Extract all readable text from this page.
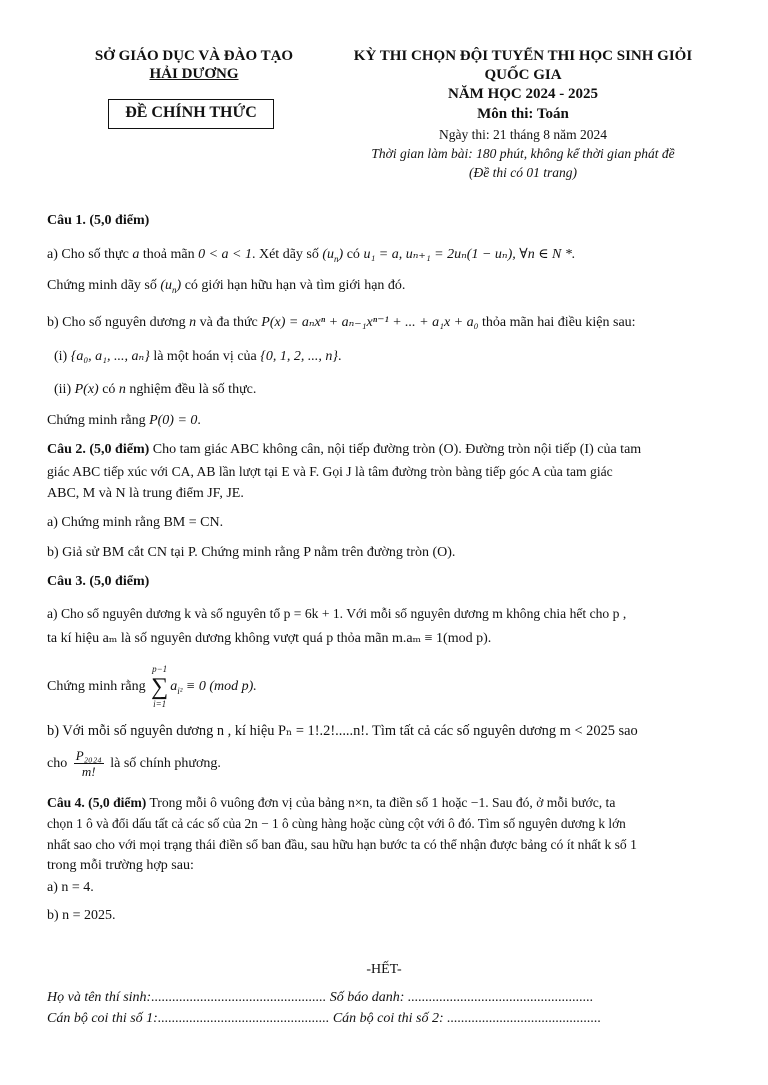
SỞ GIÁO DỤC VÀ ĐÀO TẠO
HẢI DƯƠNG
ĐỀ CHÍNH THỨC
KỲ THI CHỌN ĐỘI TUYỂN THI HỌC SINH GIỎI
QUỐC GIA
NĂM HỌC 2024 - 2025
Môn thi: Toán
Ngày thi: 21 tháng 8 năm 2024
Thời gian làm bài: 180 phút, không kể thời gian phát đề
(Đề thi có 01 trang)
Câu 1. (5,0 điểm)
a) Cho số thực a thoả mãn 0 < a < 1. Xét dãy số $(u_n)$ có u₁ = a, uₙ₊₁ = 2uₙ(1 − uₙ), ∀n ∈ N *.
Chứng minh dãy số $(u_n)$ có giới hạn hữu hạn và tìm giới hạn đó.
b) Cho số nguyên dương n và đa thức P(x) = aₙxⁿ + aₙ₋₁xⁿ⁻¹ + ... + a₁x + a₀ thỏa mãn hai điều kiện sau:
(i) {a₀, a₁, ..., aₙ} là một hoán vị của {0, 1, 2, ..., n}.
(ii) P(x) có n nghiệm đều là số thực.
Chứng minh rằng P(0) = 0.
Câu 2. (5,0 điểm) Cho tam giác ABC không cân, nội tiếp đường tròn (O). Đường tròn nội tiếp (I) của tam
giác ABC tiếp xúc với CA, AB lần lượt tại E và F. Gọi J là tâm đường tròn bàng tiếp góc A của tam giác
ABC, M và N là trung điểm JF, JE.
a) Chứng minh rằng BM = CN.
b) Giả sử BM cắt CN tại P. Chứng minh rằng P nằm trên đường tròn (O).
Câu 3. (5,0 điểm)
a) Cho số nguyên dương k và số nguyên tố p = 6k + 1. Với mỗi số nguyên dương m không chia hết cho p ,
ta kí hiệu aₘ là số nguyên dương không vượt quá p thỏa mãn m.aₘ ≡ 1(mod p).
Chứng minh rằng
p−1
∑
i=1
$a_{i^2} \equiv 0$ (mod p).
b) Với mỗi số nguyên dương n , kí hiệu Pₙ = 1!.2!.....n!. Tìm tất cả các số nguyên dương m < 2025 sao
cho $\frac{\text{P₂₀₂₄}}{m!}$ là số chính phương.
Câu 4. (5,0 điểm) Trong mỗi ô vuông đơn vị của bảng n×n, ta điền số 1 hoặc −1. Sau đó, ở mỗi bước, ta
chọn 1 ô và đổi dấu tất cả các số của 2n − 1 ô cùng hàng hoặc cùng cột với ô đó. Tìm số nguyên dương k lớn
nhất sao cho với mọi trạng thái điền số ban đầu, sau hữu hạn bước ta có thể nhận được bảng có ít nhất k số 1
trong mỗi trường hợp sau:
a) n = 4.
b) n = 2025.
-HẾT-
Họ và tên thí sinh:.................................................. Số báo danh: .....................................................
Cán bộ coi thi số 1:................................................. Cán bộ coi thi số 2: ............................................
